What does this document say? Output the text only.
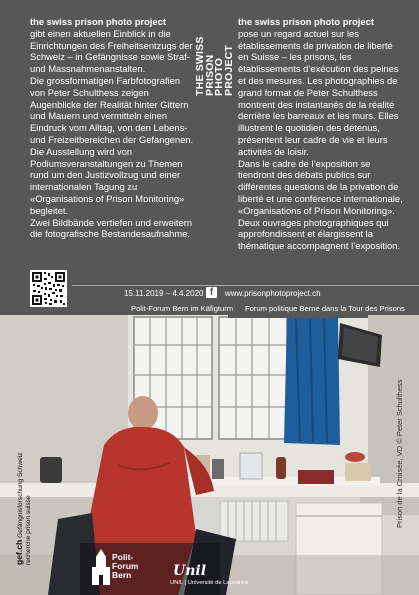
the swiss prison photo project
gibt einen aktuellen Einblick in die Einrichtungen des Freiheitsentzugs der Schweiz – in Gefängnisse sowie Straf- und Massnahmenanstalten.

Die grossformatigen Farbfotografien von Peter Schulthess zeigen Augenblicke der Realität hinter Gittern und Mauern und vermitteln einen Eindruck vom Alltag, von den Lebens- und Freizeitbereichen der Gefangenen.

Die Ausstellung wird von Podiumsveranstaltungen zu Themen rund um den Justizvollzug und einer internationalen Tagung zu «Organisations of Prison Monitoring» begleitet.

Zwei Bildbände vertiefen und erweitern die fotografische Bestandesaufnahme.

THE SWISS
PRISON
PHOTO
PROJECT

the swiss prison photo project
pose un regard actuel sur les établissements de privation de liberté en Suisse – les prisons, les établissements d’exécution des peines et des mesures. Les photographies de grand format de Peter Schulthess montrent des instantanés de la réalité derrière les barreaux et les murs. Elles illustrent le quotidien des détenus, présentent leur cadre de vie et leurs activités de loisir.

Dans le cadre de l’exposition se tiendront des débats publics sur différentes questions de la privation de liberté et une conférence internationale, «Organisations of Prison Monitoring».

Deux ouvrages photographiques qui approfondissent et élargissent la thématique accompagnent l’exposition.

15.11.2019 – 4.4.2020 f	www.prisonphotoproject.ch
Polit-Forum Bern im Käfigturm Forum politique Berne dans la Tour des Prisons
Prison de la Croisée, VD © Peter Schulthess
gef.ch Gefängnisforschung Schweiz recherche prison suisse	Polit-
Forum
Bern	Unil
UNIL | Université de Lausanne
